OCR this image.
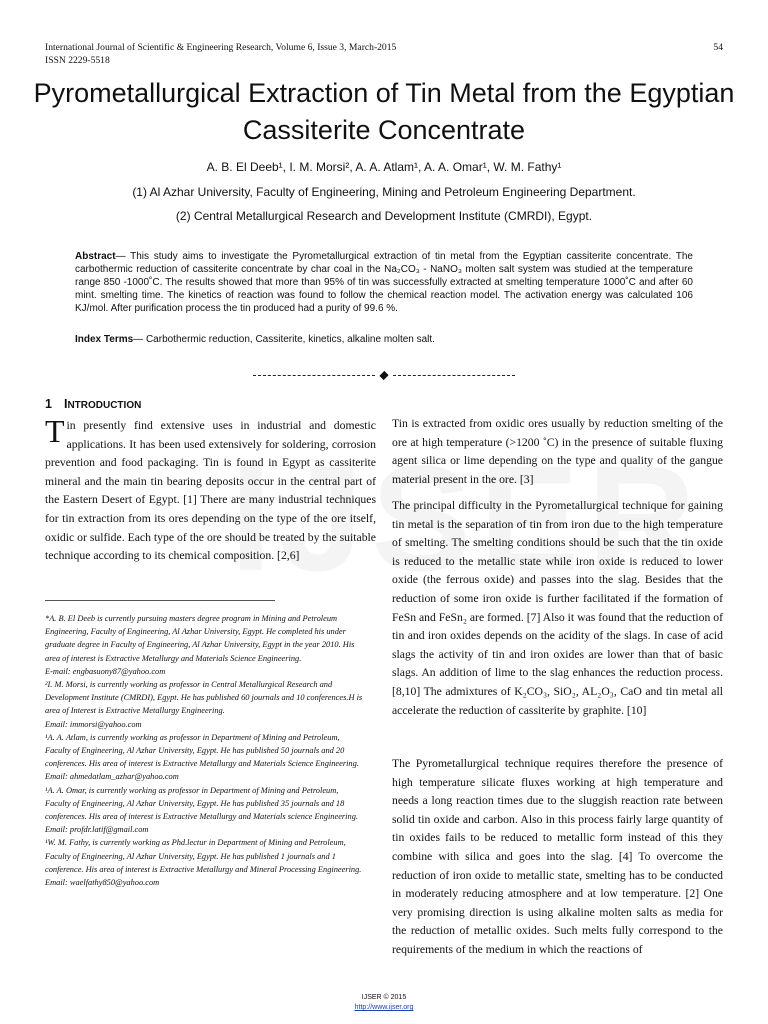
International Journal of Scientific & Engineering Research, Volume 6, Issue 3, March-2015
ISSN 2229-5518
54
Pyrometallurgical Extraction of Tin Metal from the Egyptian Cassiterite Concentrate
A. B. El Deeb¹, I. M. Morsi², A. A. Atlam¹, A. A. Omar¹, W. M. Fathy¹
(1) Al Azhar University, Faculty of Engineering, Mining and Petroleum Engineering Department.
(2) Central Metallurgical Research and Development Institute (CMRDI), Egypt.
Abstract— This study aims to investigate the Pyrometallurgical extraction of tin metal from the Egyptian cassiterite concentrate. The carbothermic reduction of cassiterite concentrate by char coal in the Na₂CO₃ - NaNO₃ molten salt system was studied at the temperature range 850 -1000˚C. The results showed that more than 95% of tin was successfully extracted at smelting temperature 1000˚C and after 60 mint. smelting time. The kinetics of reaction was found to follow the chemical reaction model. The activation energy was calculated 106 KJ/mol. After purification process the tin produced had a purity of 99.6 %.
Index Terms— Carbothermic reduction, Cassiterite, kinetics, alkaline molten salt.
1 INTRODUCTION
Tin presently find extensive uses in industrial and domestic applications. It has been used extensively for soldering, corrosion prevention and food packaging. Tin is found in Egypt as cassiterite mineral and the main tin bearing deposits occur in the central part of the Eastern Desert of Egypt. [1] There are many industrial techniques for tin extraction from its ores depending on the type of the ore itself, oxidic or sulfide. Each type of the ore should be treated by the suitable technique according to its chemical composition. [2,6]

*A. B. El Deeb is currently pursuing masters degree program in Mining and Petroleum Engineering, Faculty of Engineering, Al Azhar University, Egypt. He completed his under graduate degree in Faculty of Engineering, Al Azhar University, Egypt in the year 2010. His area of interest is Extractive Metallurgy and Materials Science Engineering.

E-mail: engbasuony87@yahoo.com

²I. M. Morsi, is currently working as professor in Central Metallurgical Research and Development Institute (CMRDI), Egypt. He has published 60 journals and 10 conferences.H is area of Interest is Extractive Metallurgy Engineering.

Email: immorsi@yahoo.com

¹A. A. Atlam, is currently working as professor in Department of Mining and Petroleum, Faculty of Engineering, Al Azhar University, Egypt. He has published 50 journals and 20 conferences. His area of interest is Extractive Metallurgy and Materials Science Engineering.

Email: ahmedatlam_azhar@yahoo.com

¹A. A. Omar, is currently working as professor in Department of Mining and Petroleum, Faculty of Engineering, Al Azhar University, Egypt. He has published 35 journals and 18 conferences. His area of interest is Extractive Metallurgy and Materials science Engineering.

Email: profdr.latif@gmail.com

¹W. M. Fathy, is currently working as Phd.lectur in Department of Mining and Petroleum, Faculty of Engineering, Al Azhar University, Egypt. He has published 1 journals and 1 conference. His area of interest is Extractive Metallurgy and Mineral Processing Engineering.

Email: waelfathy850@yahoo.com

Tin is extracted from oxidic ores usually by reduction smelting of the ore at high temperature (>1200 ˚C) in the presence of suitable fluxing agent silica or lime depending on the type and quality of the gangue material present in the ore. [3]
The principal difficulty in the Pyrometallurgical technique for gaining tin metal is the separation of tin from iron due to the high temperature of smelting. The smelting conditions should be such that the tin oxide is reduced to the metallic state while iron oxide is reduced to lower oxide (the ferrous oxide) and passes into the slag. Besides that the reduction of some iron oxide is further facilitated if the formation of FeSn and FeSn₂ are formed. [7] Also it was found that the reduction of tin and iron oxides depends on the acidity of the slags. In case of acid slags the activity of tin and iron oxides are lower than that of basic slags. An addition of lime to the slag enhances the reduction process. [8,10] The admixtures of K₂CO₃, SiO₂, AL₂O₃, CaO and tin metal all accelerate the reduction of cassiterite by graphite. [10]
The Pyrometallurgical technique requires therefore the presence of high temperature silicate fluxes working at high temperature and needs a long reaction times due to the sluggish reaction rate between solid tin oxide and carbon. Also in this process fairly large quantity of tin oxides fails to be reduced to metallic form instead of this they combine with silica and goes into the slag. [4] To overcome the reduction of iron oxide to metallic state, smelting has to be conducted in moderately reducing atmosphere and at low temperature. [2] One very promising direction is using alkaline molten salts as media for the reduction of metallic oxides. Such melts fully correspond to the requirements of the medium in which the reactions of
IJSER © 2015
http://www.ijser.org
